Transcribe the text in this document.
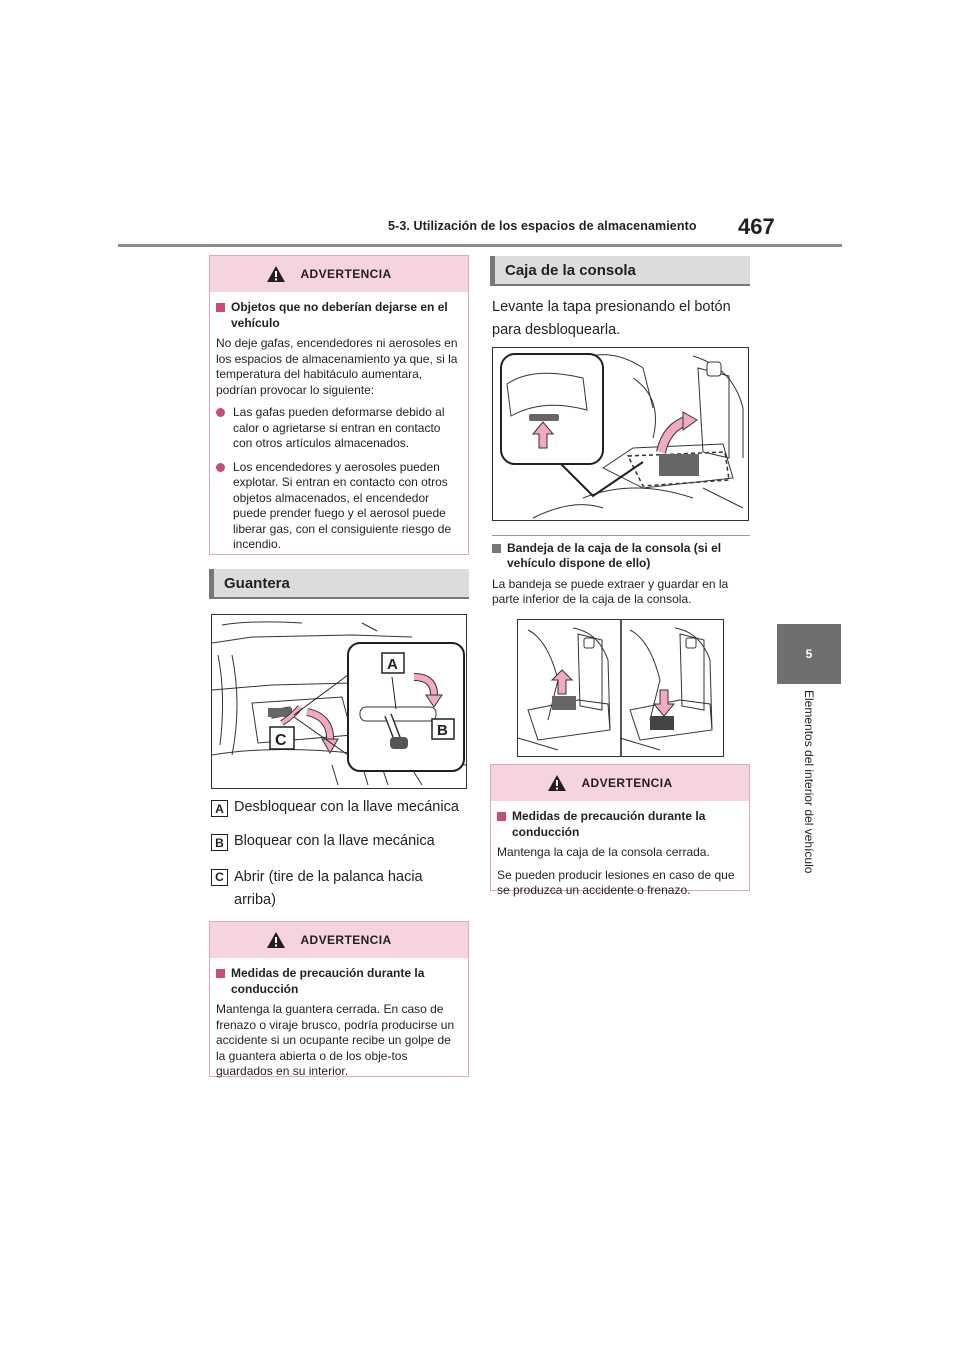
5-3. Utilización de los espacios de almacenamiento 467
5
Elementos del interior del vehículo
ADVERTENCIA
Objetos que no deberían dejarse en el vehículo

No deje gafas, encendedores ni aerosoles en los espacios de almacenamiento ya que, si la temperatura del habitáculo aumentara, podrían provocar lo siguiente:

Las gafas pueden deformarse debido al calor o agrietarse si entran en contacto con otros artículos almacenados.
Los encendedores y aerosoles pueden explotar. Si entran en contacto con otros objetos almacenados, el encendedor puede prender fuego y el aerosol puede liberar gas, con el consiguiente riesgo de incendio.
Guantera
C
A
B
A Desbloquear con la llave mecánica
B Bloquear con la llave mecánica
C Abrir (tire de la palanca hacia arriba)
ADVERTENCIA
Medidas de precaución durante la conducción

Mantenga la guantera cerrada. En caso de frenazo o viraje brusco, podría producirse un accidente si un ocupante recibe un golpe de la guantera abierta o de los obje-tos guardados en su interior.

Caja de la consola
Levante la tapa presionando el botón para desbloquearla.
Bandeja de la caja de la consola (si el vehículo dispone de ello)

La bandeja se puede extraer y guardar en la parte inferior de la caja de la consola.

ADVERTENCIA
Medidas de precaución durante la conducción

Mantenga la caja de la consola cerrada.

Se pueden producir lesiones en caso de que se produzca un accidente o frenazo.
